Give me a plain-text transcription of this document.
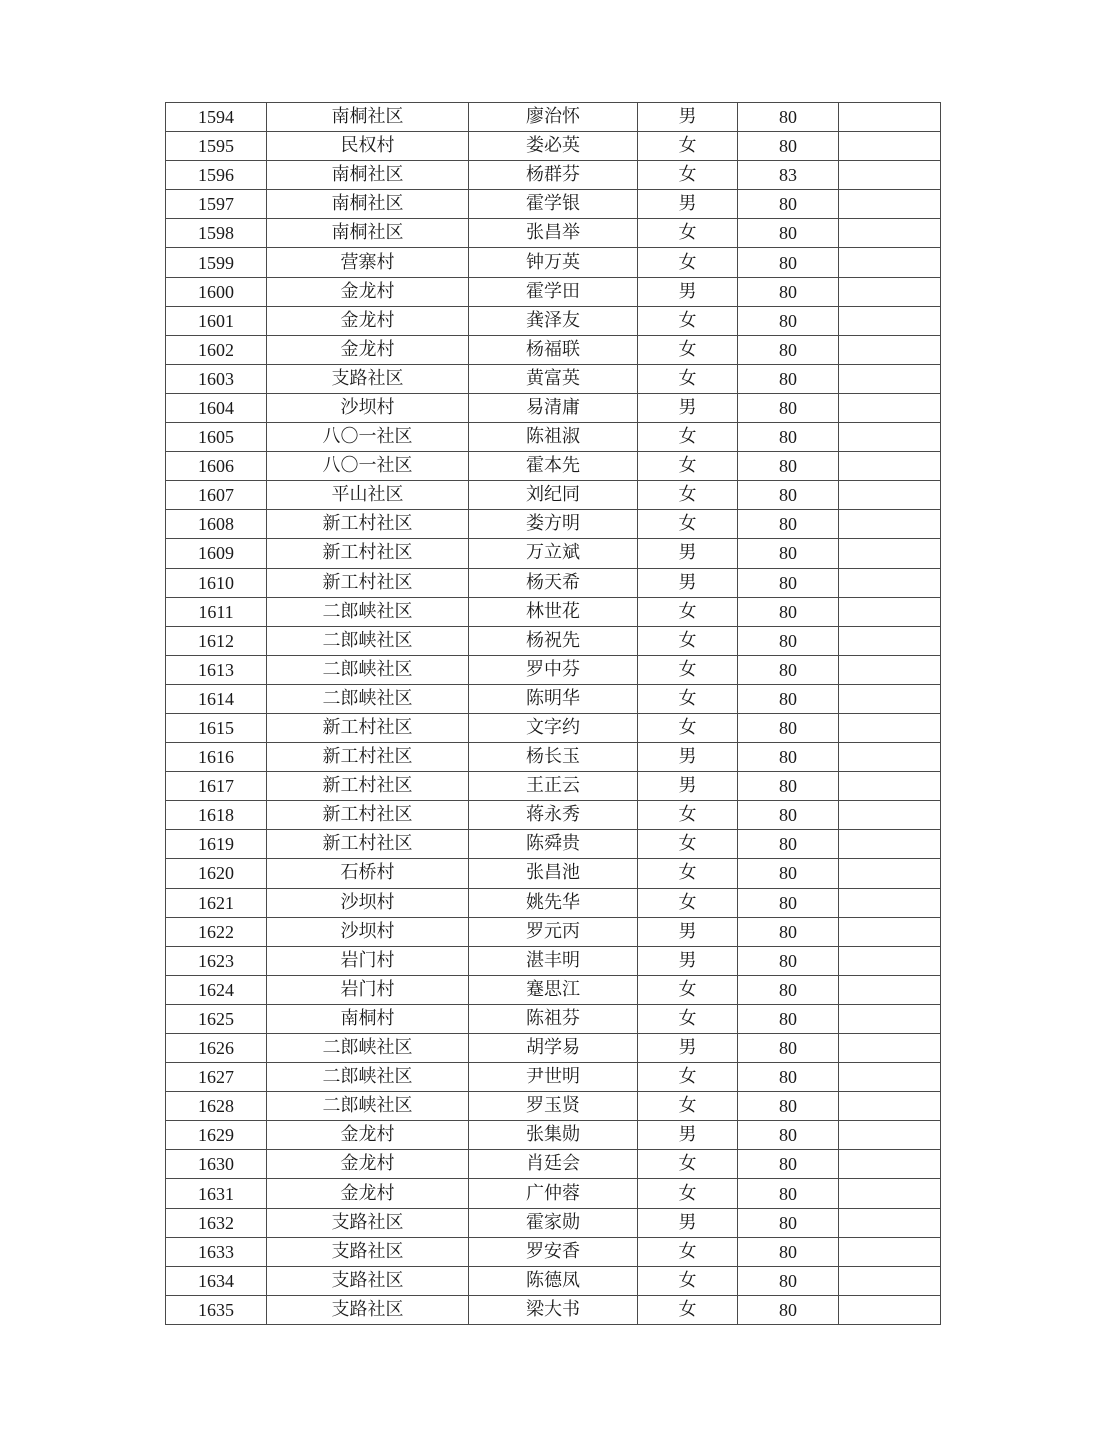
1594	南桐社区	廖治怀	男	80	
1595	民权村	娄必英	女	80	
1596	南桐社区	杨群芬	女	83	
1597	南桐社区	霍学银	男	80	
1598	南桐社区	张昌举	女	80	
1599	营寨村	钟万英	女	80	
1600	金龙村	霍学田	男	80	
1601	金龙村	龚泽友	女	80	
1602	金龙村	杨福联	女	80	
1603	支路社区	黄富英	女	80	
1604	沙坝村	易清庸	男	80	
1605	八〇一社区	陈祖淑	女	80	
1606	八〇一社区	霍本先	女	80	
1607	平山社区	刘纪同	女	80	
1608	新工村社区	娄方明	女	80	
1609	新工村社区	万立斌	男	80	
1610	新工村社区	杨天希	男	80	
1611	二郎峡社区	林世花	女	80	
1612	二郎峡社区	杨祝先	女	80	
1613	二郎峡社区	罗中芬	女	80	
1614	二郎峡社区	陈明华	女	80	
1615	新工村社区	文字约	女	80	
1616	新工村社区	杨长玉	男	80	
1617	新工村社区	王正云	男	80	
1618	新工村社区	蒋永秀	女	80	
1619	新工村社区	陈舜贵	女	80	
1620	石桥村	张昌池	女	80	
1621	沙坝村	姚先华	女	80	
1622	沙坝村	罗元丙	男	80	
1623	岩门村	湛丰明	男	80	
1624	岩门村	蹇思江	女	80	
1625	南桐村	陈祖芬	女	80	
1626	二郎峡社区	胡学易	男	80	
1627	二郎峡社区	尹世明	女	80	
1628	二郎峡社区	罗玉贤	女	80	
1629	金龙村	张集勋	男	80	
1630	金龙村	肖廷会	女	80	
1631	金龙村	广仲蓉	女	80	
1632	支路社区	霍家勋	男	80	
1633	支路社区	罗安香	女	80	
1634	支路社区	陈德凤	女	80	
1635	支路社区	梁大书	女	80	
